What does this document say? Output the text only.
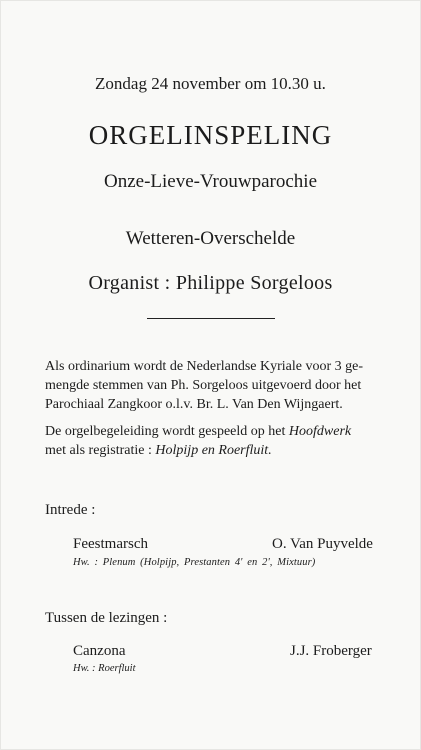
Zondag 24 november om 10.30 u.
ORGELINSPELING
Onze-Lieve-Vrouwparochie
Wetteren-Overschelde
Organist : Philippe Sorgeloos
Als ordinarium wordt de Nederlandse Kyriale voor 3 ge-
mengde stemmen van Ph. Sorgeloos uitgevoerd door het
Parochiaal Zangkoor o.l.v. Br. L. Van Den Wijngaert.
De orgelbegeleiding wordt gespeeld op het Hoofdwerk
met als registratie : Holpijp en Roerfluit.
Intrede :
Feestmarsch	O. Van Puyvelde
Hw. : Plenum (Holpijp, Prestanten 4' en 2', Mixtuur)
Tussen de lezingen :
Canzona	J.J. Froberger
Hw. : Roerfluit
